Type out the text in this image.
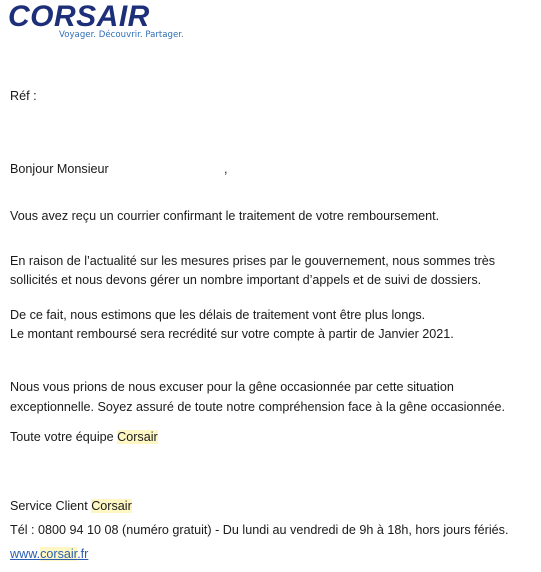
CORSAIR
Voyager. Découvrir. Partager.
Réf :
Bonjour Monsieur	,
Vous avez reçu un courrier confirmant le traitement de votre remboursement.
En raison de l’actualité sur les mesures prises par le gouvernement, nous sommes très
sollicités et nous devons gérer un nombre important d’appels et de suivi de dossiers.
De ce fait, nous estimons que les délais de traitement vont être plus longs.
Le montant remboursé sera recrédité sur votre compte à partir de Janvier 2021.
Nous vous prions de nous excuser pour la gêne occasionnée par cette situation
exceptionnelle. Soyez assuré de toute notre compréhension face à la gêne occasionnée.
Toute votre équipe Corsair
Service Client Corsair
Tél : 0800 94 10 08 (numéro gratuit) - Du lundi au vendredi de 9h à 18h, hors jours fériés.
www.corsair.fr
